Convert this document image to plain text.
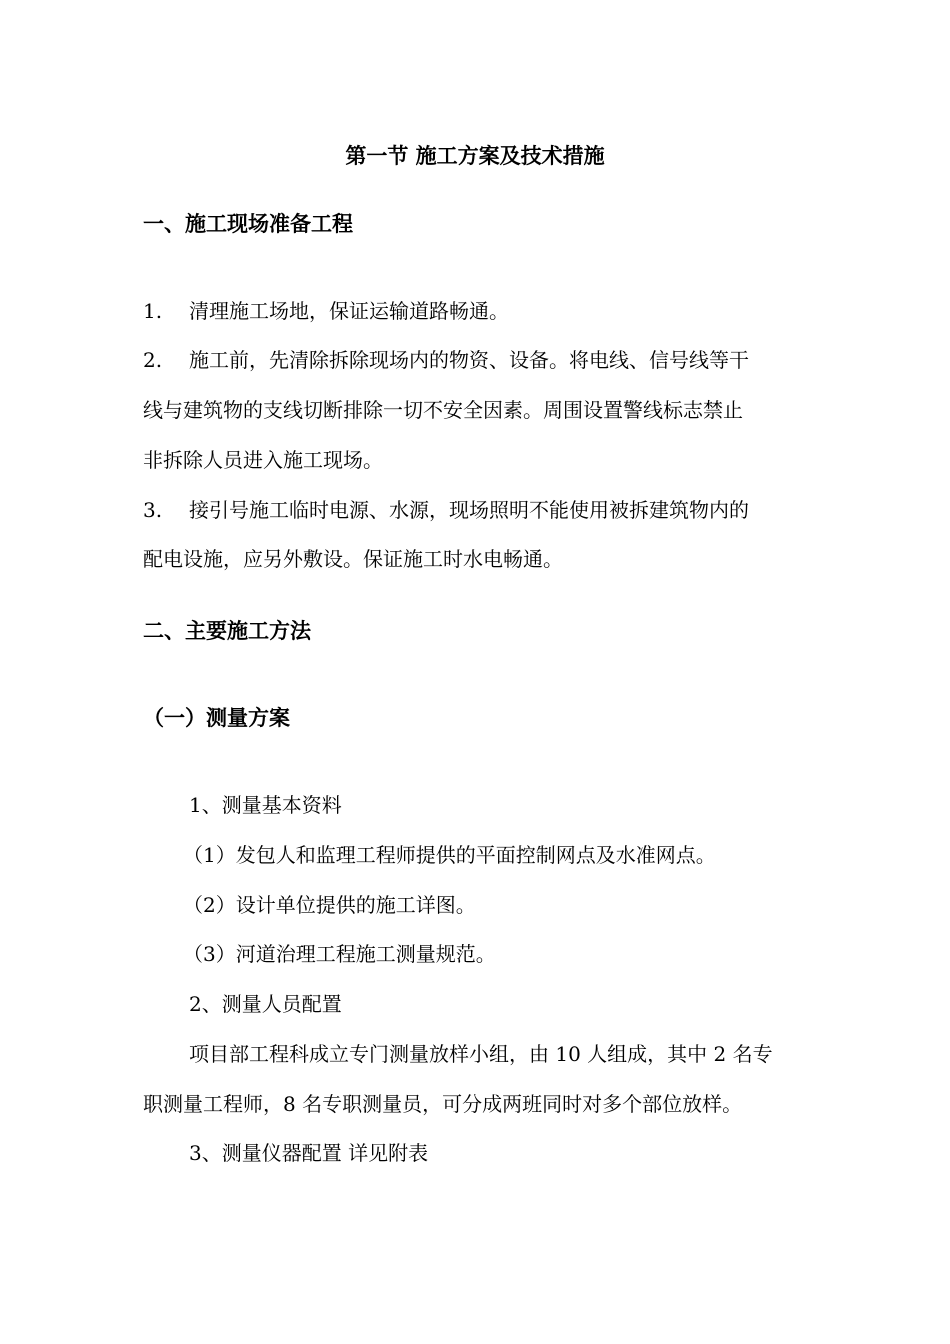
第一节 施工方案及技术措施
一、施工现场准备工程
1. 清理施工场地，保证运输道路畅通。
2. 施工前，先清除拆除现场内的物资、设备。将电线、信号线等干
线与建筑物的支线切断排除一切不安全因素。周围设置警线标志禁止
非拆除人员进入施工现场。
3. 接引号施工临时电源、水源，现场照明不能使用被拆建筑物内的
配电设施，应另外敷设。保证施工时水电畅通。
二、主要施工方法
（一）测量方案
1、测量基本资料
（1）发包人和监理工程师提供的平面控制网点及水准网点。
（2）设计单位提供的施工详图。
（3）河道治理工程施工测量规范。
2、测量人员配置
项目部工程科成立专门测量放样小组，由 10 人组成，其中 2 名专
职测量工程师，8 名专职测量员，可分成两班同时对多个部位放样。
3、测量仪器配置 详见附表
